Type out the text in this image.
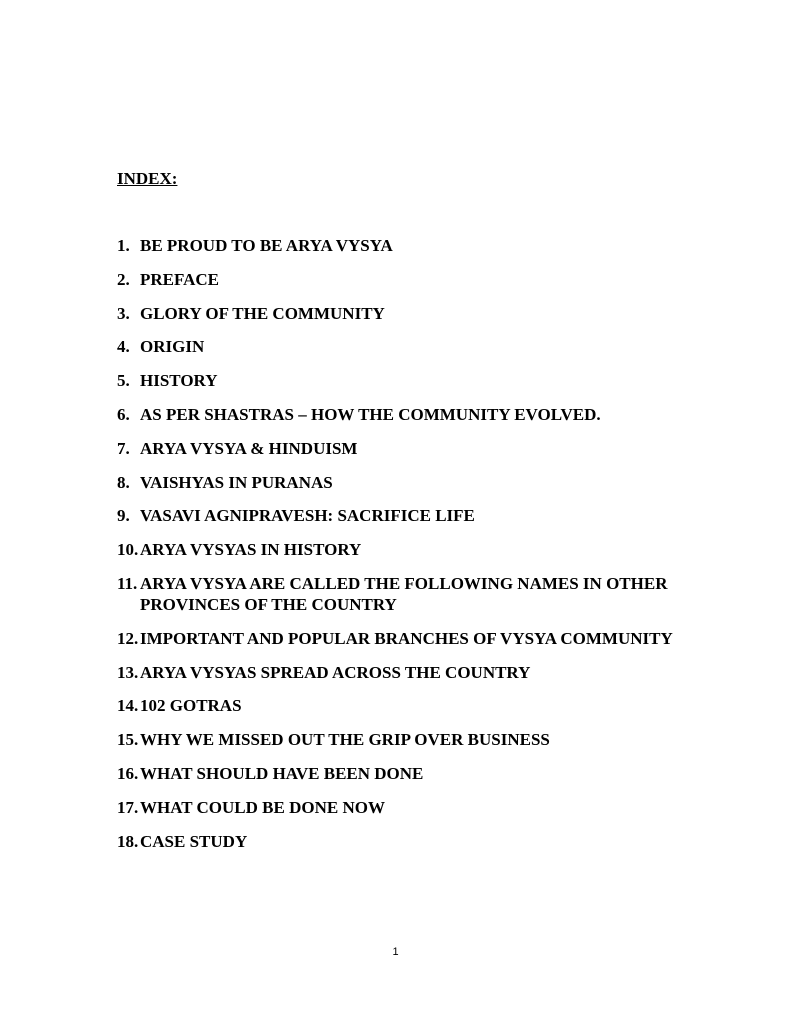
INDEX:
1. BE PROUD TO BE ARYA VYSYA
2. PREFACE
3. GLORY OF THE COMMUNITY
4. ORIGIN
5. HISTORY
6. AS PER SHASTRAS – HOW THE COMMUNITY EVOLVED.
7. ARYA VYSYA & HINDUISM
8. VAISHYAS IN PURANAS
9. VASAVI AGNIPRAVESH: SACRIFICE LIFE
10. ARYA VYSYAS IN HISTORY
11. ARYA VYSYA ARE CALLED THE FOLLOWING NAMES IN OTHER PROVINCES OF THE COUNTRY
12. IMPORTANT AND POPULAR BRANCHES OF VYSYA COMMUNITY
13. ARYA VYSYAS SPREAD ACROSS THE COUNTRY
14. 102 GOTRAS
15. WHY WE MISSED OUT THE GRIP OVER BUSINESS
16. WHAT SHOULD HAVE BEEN DONE
17. WHAT COULD BE DONE NOW
18. CASE STUDY
1
